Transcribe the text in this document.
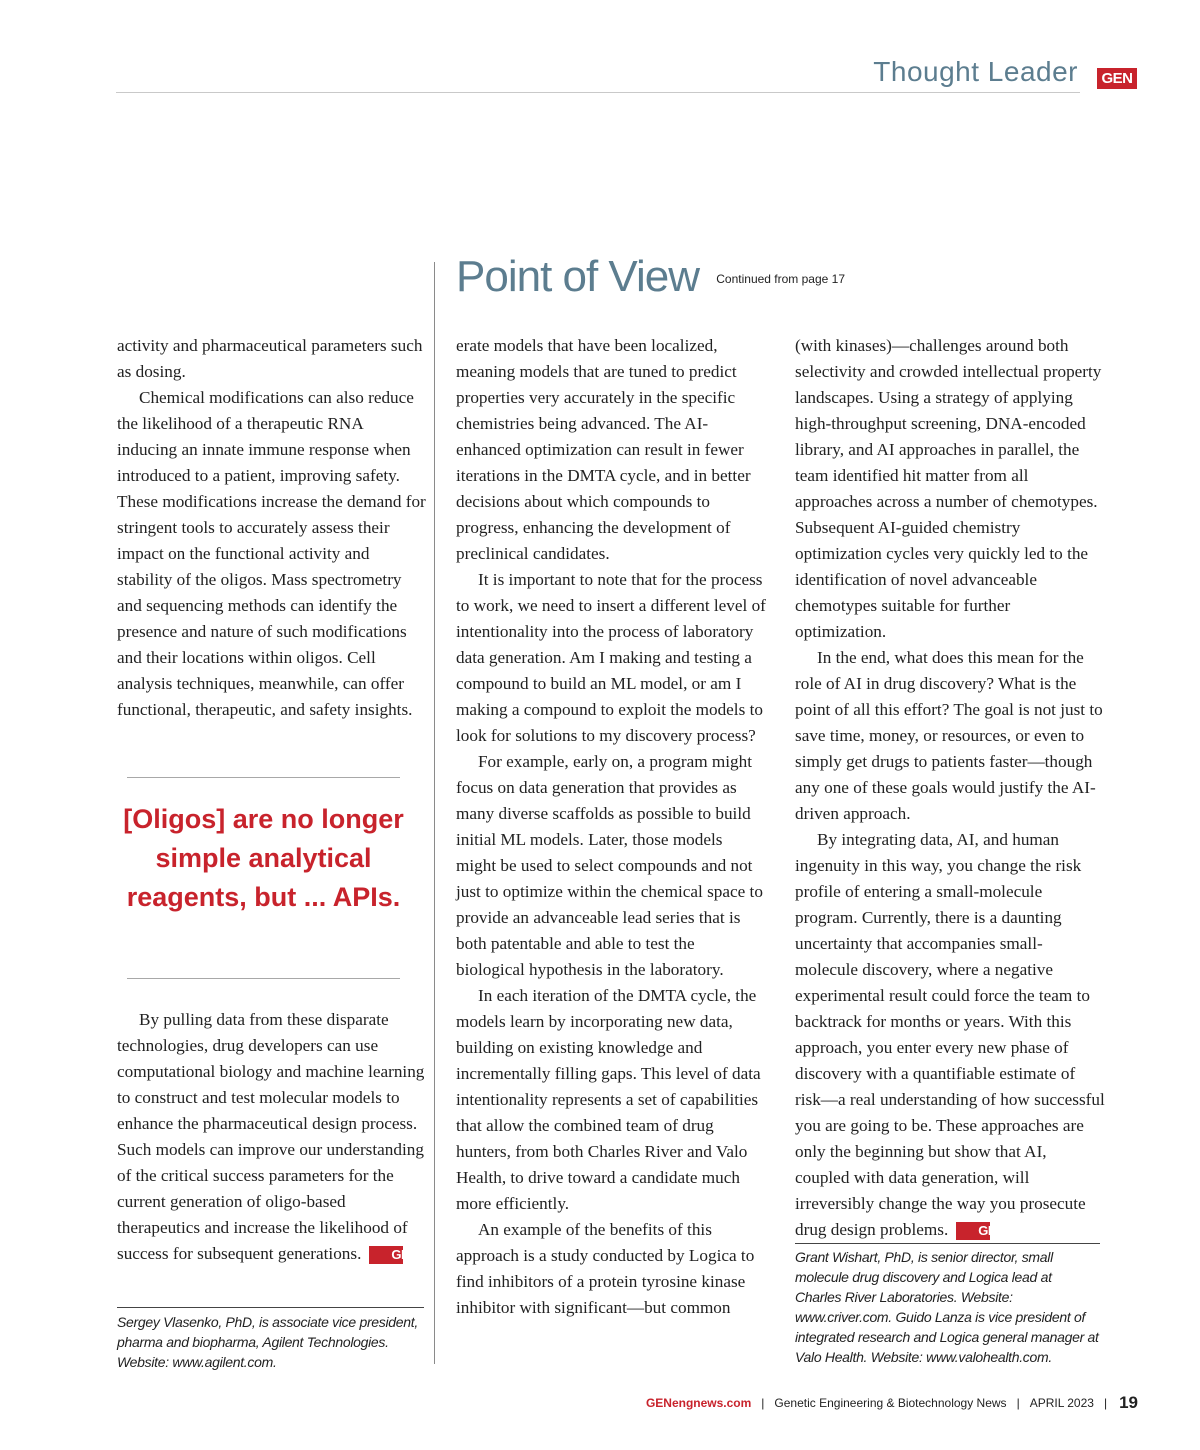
Thought Leader GEN
Point of View Continued from page 17

activity and pharmaceutical parameters such as dosing.

Chemical modifications can also reduce the likelihood of a therapeutic RNA inducing an innate immune response when introduced to a patient, improving safety. These modifications increase the demand for stringent tools to accurately assess their impact on the functional activity and stability of the oligos. Mass spectrometry and sequencing methods can identify the presence and nature of such modifications and their locations within oligos. Cell analysis techniques, meanwhile, can offer functional, therapeutic, and safety insights.

[Oligos] are no longer simple analytical reagents, but ... APIs.

By pulling data from these disparate technologies, drug developers can use computational biology and machine learning to construct and test molecular models to enhance the pharmaceutical design process. Such models can improve our understanding of the critical success parameters for the current generation of oligo-based therapeutics and increase the likelihood of success for subsequent generations. GEN

Sergey Vlasenko, PhD, is associate vice president, pharma and biopharma, Agilent Technologies. Website: www.agilent.com.

erate models that have been localized, meaning models that are tuned to predict properties very accurately in the specific chemistries being advanced. The AI-enhanced optimization can result in fewer iterations in the DMTA cycle, and in better decisions about which compounds to progress, enhancing the development of preclinical candidates.

It is important to note that for the process to work, we need to insert a different level of intentionality into the process of laboratory data generation. Am I making and testing a compound to build an ML model, or am I making a compound to exploit the models to look for solutions to my discovery process?

For example, early on, a program might focus on data generation that provides as many diverse scaffolds as possible to build initial ML models. Later, those models might be used to select compounds and not just to optimize within the chemical space to provide an advanceable lead series that is both patentable and able to test the biological hypothesis in the laboratory.

In each iteration of the DMTA cycle, the models learn by incorporating new data, building on existing knowledge and incrementally filling gaps. This level of data intentionality represents a set of capabilities that allow the combined team of drug hunters, from both Charles River and Valo Health, to drive toward a candidate much more efficiently.

An example of the benefits of this approach is a study conducted by Logica to find inhibitors of a protein tyrosine kinase inhibitor with significant—but common

(with kinases)—challenges around both selectivity and crowded intellectual property landscapes. Using a strategy of applying high-throughput screening, DNA-encoded library, and AI approaches in parallel, the team identified hit matter from all approaches across a number of chemotypes. Subsequent AI-guided chemistry optimization cycles very quickly led to the identification of novel advanceable chemotypes suitable for further optimization.

In the end, what does this mean for the role of AI in drug discovery? What is the point of all this effort? The goal is not just to save time, money, or resources, or even to simply get drugs to patients faster—though any one of these goals would justify the AI-driven approach.

By integrating data, AI, and human ingenuity in this way, you change the risk profile of entering a small-molecule program. Currently, there is a daunting uncertainty that accompanies small-molecule discovery, where a negative experimental result could force the team to backtrack for months or years. With this approach, you enter every new phase of discovery with a quantifiable estimate of risk—a real understanding of how successful you are going to be. These approaches are only the beginning but show that AI, coupled with data generation, will irreversibly change the way you prosecute drug design problems. GEN

Grant Wishart, PhD, is senior director, small molecule drug discovery and Logica lead at Charles River Laboratories. Website: www.criver.com. Guido Lanza is vice president of integrated research and Logica general manager at Valo Health. Website: www.valohealth.com.
GENengnews.com | Genetic Engineering & Biotechnology News | APRIL 2023 | 19
